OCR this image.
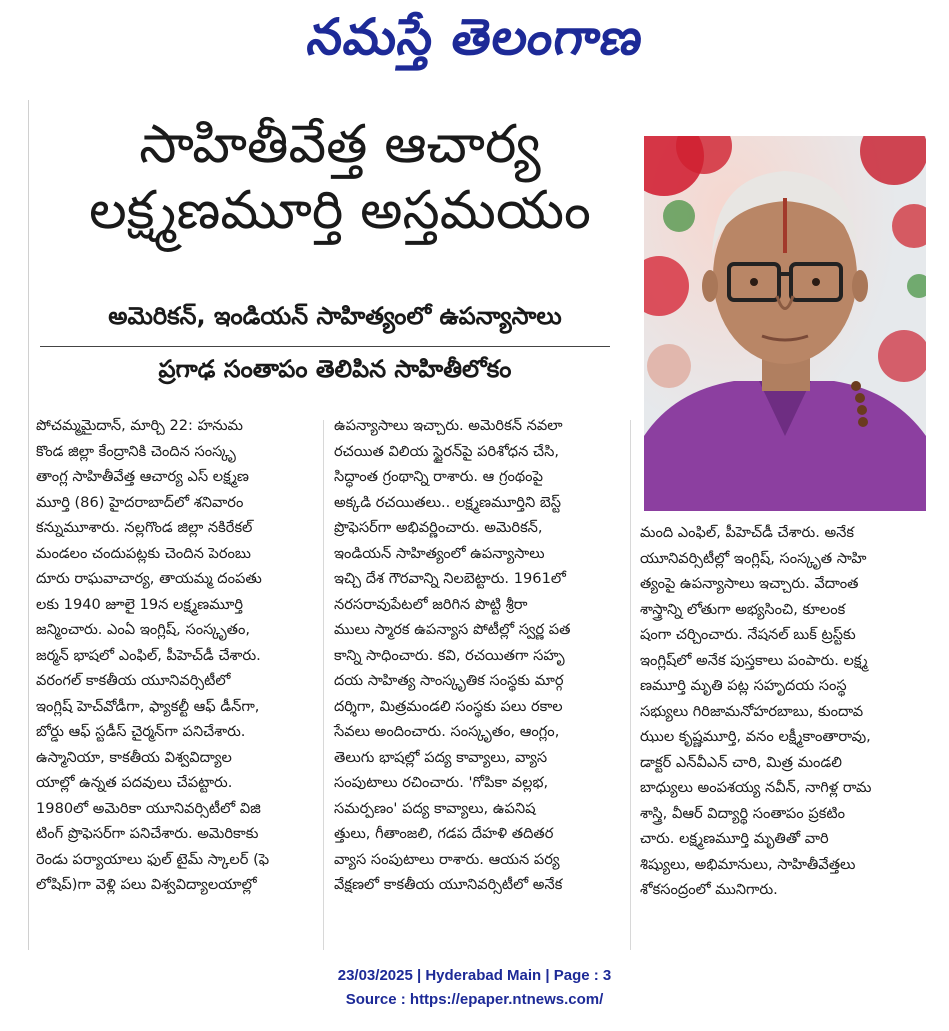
నమస్తే తెలంగాణ
సాహితీవేత్త ఆచార్య
లక్ష్మణమూర్తి అస్తమయం
అమెరికన్, ఇండియన్ సాహిత్యంలో ఉపన్యాసాలు
ప్రగాఢ సంతాపం తెలిపిన సాహితీలోకం
పోచమ్మమైదాన్, మార్చి 22: హనుమ
కొండ జిల్లా కేంద్రానికి చెందిన సంస్కృ
తాంగ్ల సాహితీవేత్త ఆచార్య ఎస్ లక్ష్మణ
మూర్తి (86) హైదరాబాద్‌లో శనివారం
కన్నుమూశారు. నల్లగొండ జిల్లా నకిరేకల్
మండలం చందుపట్లకు చెందిన పెరంబు
దూరు రాఘవాచార్య, తాయమ్మ దంపతు
లకు 1940 జూలై 19న లక్ష్మణమూర్తి
జన్మించారు. ఎంఏ ఇంగ్లిష్, సంస్కృతం,
జర్మన్ భాషలో ఎంఫిల్, పీహెచ్‌డీ చేశారు.
వరంగల్ కాకతీయ యూనివర్సిటీలో
ఇంగ్లిష్ హెచ్‌వోడీగా, ఫ్యాకల్టీ ఆఫ్ డీన్‌గా,
బోర్డు ఆఫ్ స్టడీస్ చైర్మన్‌గా పనిచేశారు.
ఉస్మానియా, కాకతీయ విశ్వవిద్యాల
యాల్లో ఉన్నత పదవులు చేపట్టారు.
1980లో అమెరికా యూనివర్సిటీలో విజి
టింగ్ ప్రొఫెసర్‌గా పనిచేశారు. అమెరికాకు
రెండు పర్యాయాలు ఫుల్ టైమ్ స్కాలర్ (ఫె
లోషిప్)గా వెళ్లి పలు విశ్వవిద్యాలయాల్లో
ఉపన్యాసాలు ఇచ్చారు. అమెరికన్ నవలా
రచయిత విలియ స్టైరన్‌పై పరిశోధన చేసి,
సిద్ధాంత గ్రంథాన్ని రాశారు. ఆ గ్రంథంపై
అక్కడి రచయితలు.. లక్ష్మణమూర్తిని బెస్ట్
ప్రొఫెసర్‌గా అభివర్ణించారు. అమెరికన్,
ఇండియన్ సాహిత్యంలో ఉపన్యాసాలు
ఇచ్చి దేశ గౌరవాన్ని నిలబెట్టారు. 1961లో
నరసరావుపేటలో జరిగిన పొట్టి శ్రీరా
ములు స్మారక ఉపన్యాస పోటీల్లో స్వర్ణ పత
కాన్ని సాధించారు. కవి, రచయితగా సహృ
దయ సాహిత్య సాంస్కృతిక సంస్థకు మార్గ
దర్శిగా, మిత్రమండలి సంస్థకు పలు రకాల
సేవలు అందించారు. సంస్కృతం, ఆంగ్లం,
తెలుగు భాషల్లో పద్య కావ్యాలు, వ్యాస
సంపుటాలు రచించారు. 'గోపికా వల్లభ,
సమర్పణం' పద్య కావ్యాలు, ఉపనిష
త్తులు, గీతాంజలి, గడప దేహళి తదితర
వ్యాస సంపుటాలు రాశారు. ఆయన పర్య
వేక్షణలో కాకతీయ యూనివర్సిటీలో అనేక
మంది ఎంఫిల్, పీహెచ్‌డీ చేశారు. అనేక
యూనివర్సిటీల్లో ఇంగ్లిష్, సంస్కృత సాహి
త్యంపై ఉపన్యాసాలు ఇచ్చారు. వేదాంత
శాస్త్రాన్ని లోతుగా అభ్యసించి, కూలంక
షంగా చర్చించారు. నేషనల్ బుక్ ట్రస్ట్‌కు
ఇంగ్లిష్‌లో అనేక పుస్తకాలు పంపారు. లక్ష్మ
ణమూర్తి మృతి పట్ల సహృదయ సంస్థ
సభ్యులు గిరిజామనోహరబాబు, కుందావ
ఝుల కృష్ణమూర్తి, వనం లక్ష్మీకాంతారావు,
డాక్టర్ ఎన్‌వీఎన్ చారి, మిత్ర మండలి
బాధ్యులు అంపశయ్య నవీన్, నాగిళ్ల రామ
శాస్త్రి, వీఆర్ విద్యార్థి సంతాపం ప్రకటిం
చారు. లక్ష్మణమూర్తి మృతితో వారి
శిష్యులు, అభిమానులు, సాహితీవేత్తలు
శోకసంద్రంలో మునిగారు.
23/03/2025 | Hyderabad Main | Page : 3
Source : https://epaper.ntnews.com/
